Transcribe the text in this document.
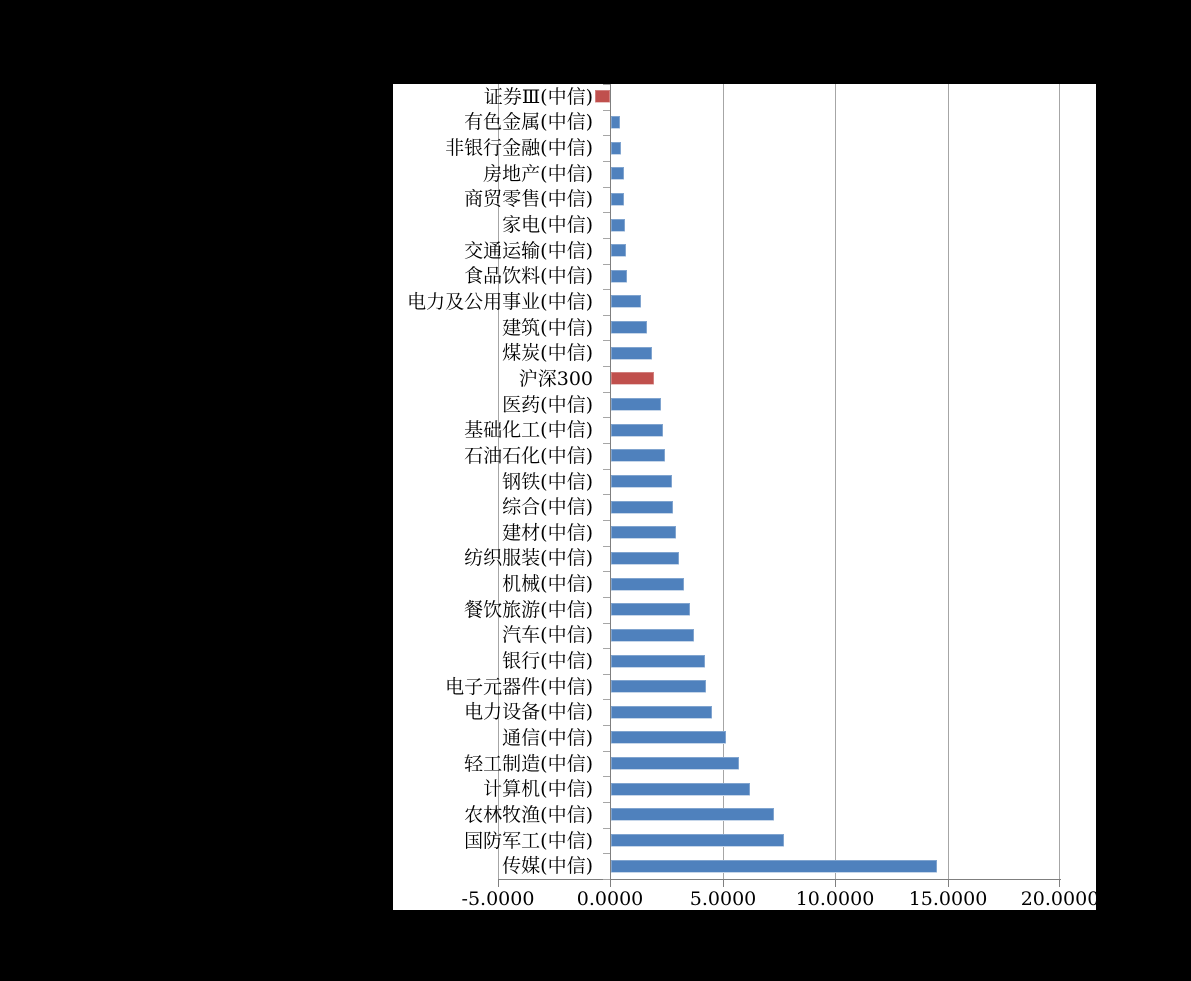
证券Ⅲ(中信)
有色金属(中信)
非银行金融(中信)
房地产(中信)
商贸零售(中信)
家电(中信)
交通运输(中信)
食品饮料(中信)
电力及公用事业(中信)
建筑(中信)
煤炭(中信)
沪深300
医药(中信)
基础化工(中信)
石油石化(中信)
钢铁(中信)
综合(中信)
建材(中信)
纺织服装(中信)
机械(中信)
餐饮旅游(中信)
汽车(中信)
银行(中信)
电子元器件(中信)
电力设备(中信)
通信(中信)
轻工制造(中信)
计算机(中信)
农林牧渔(中信)
国防军工(中信)
传媒(中信)
-5.0000 0.0000 5.0000 10.0000 15.0000 20.0000
